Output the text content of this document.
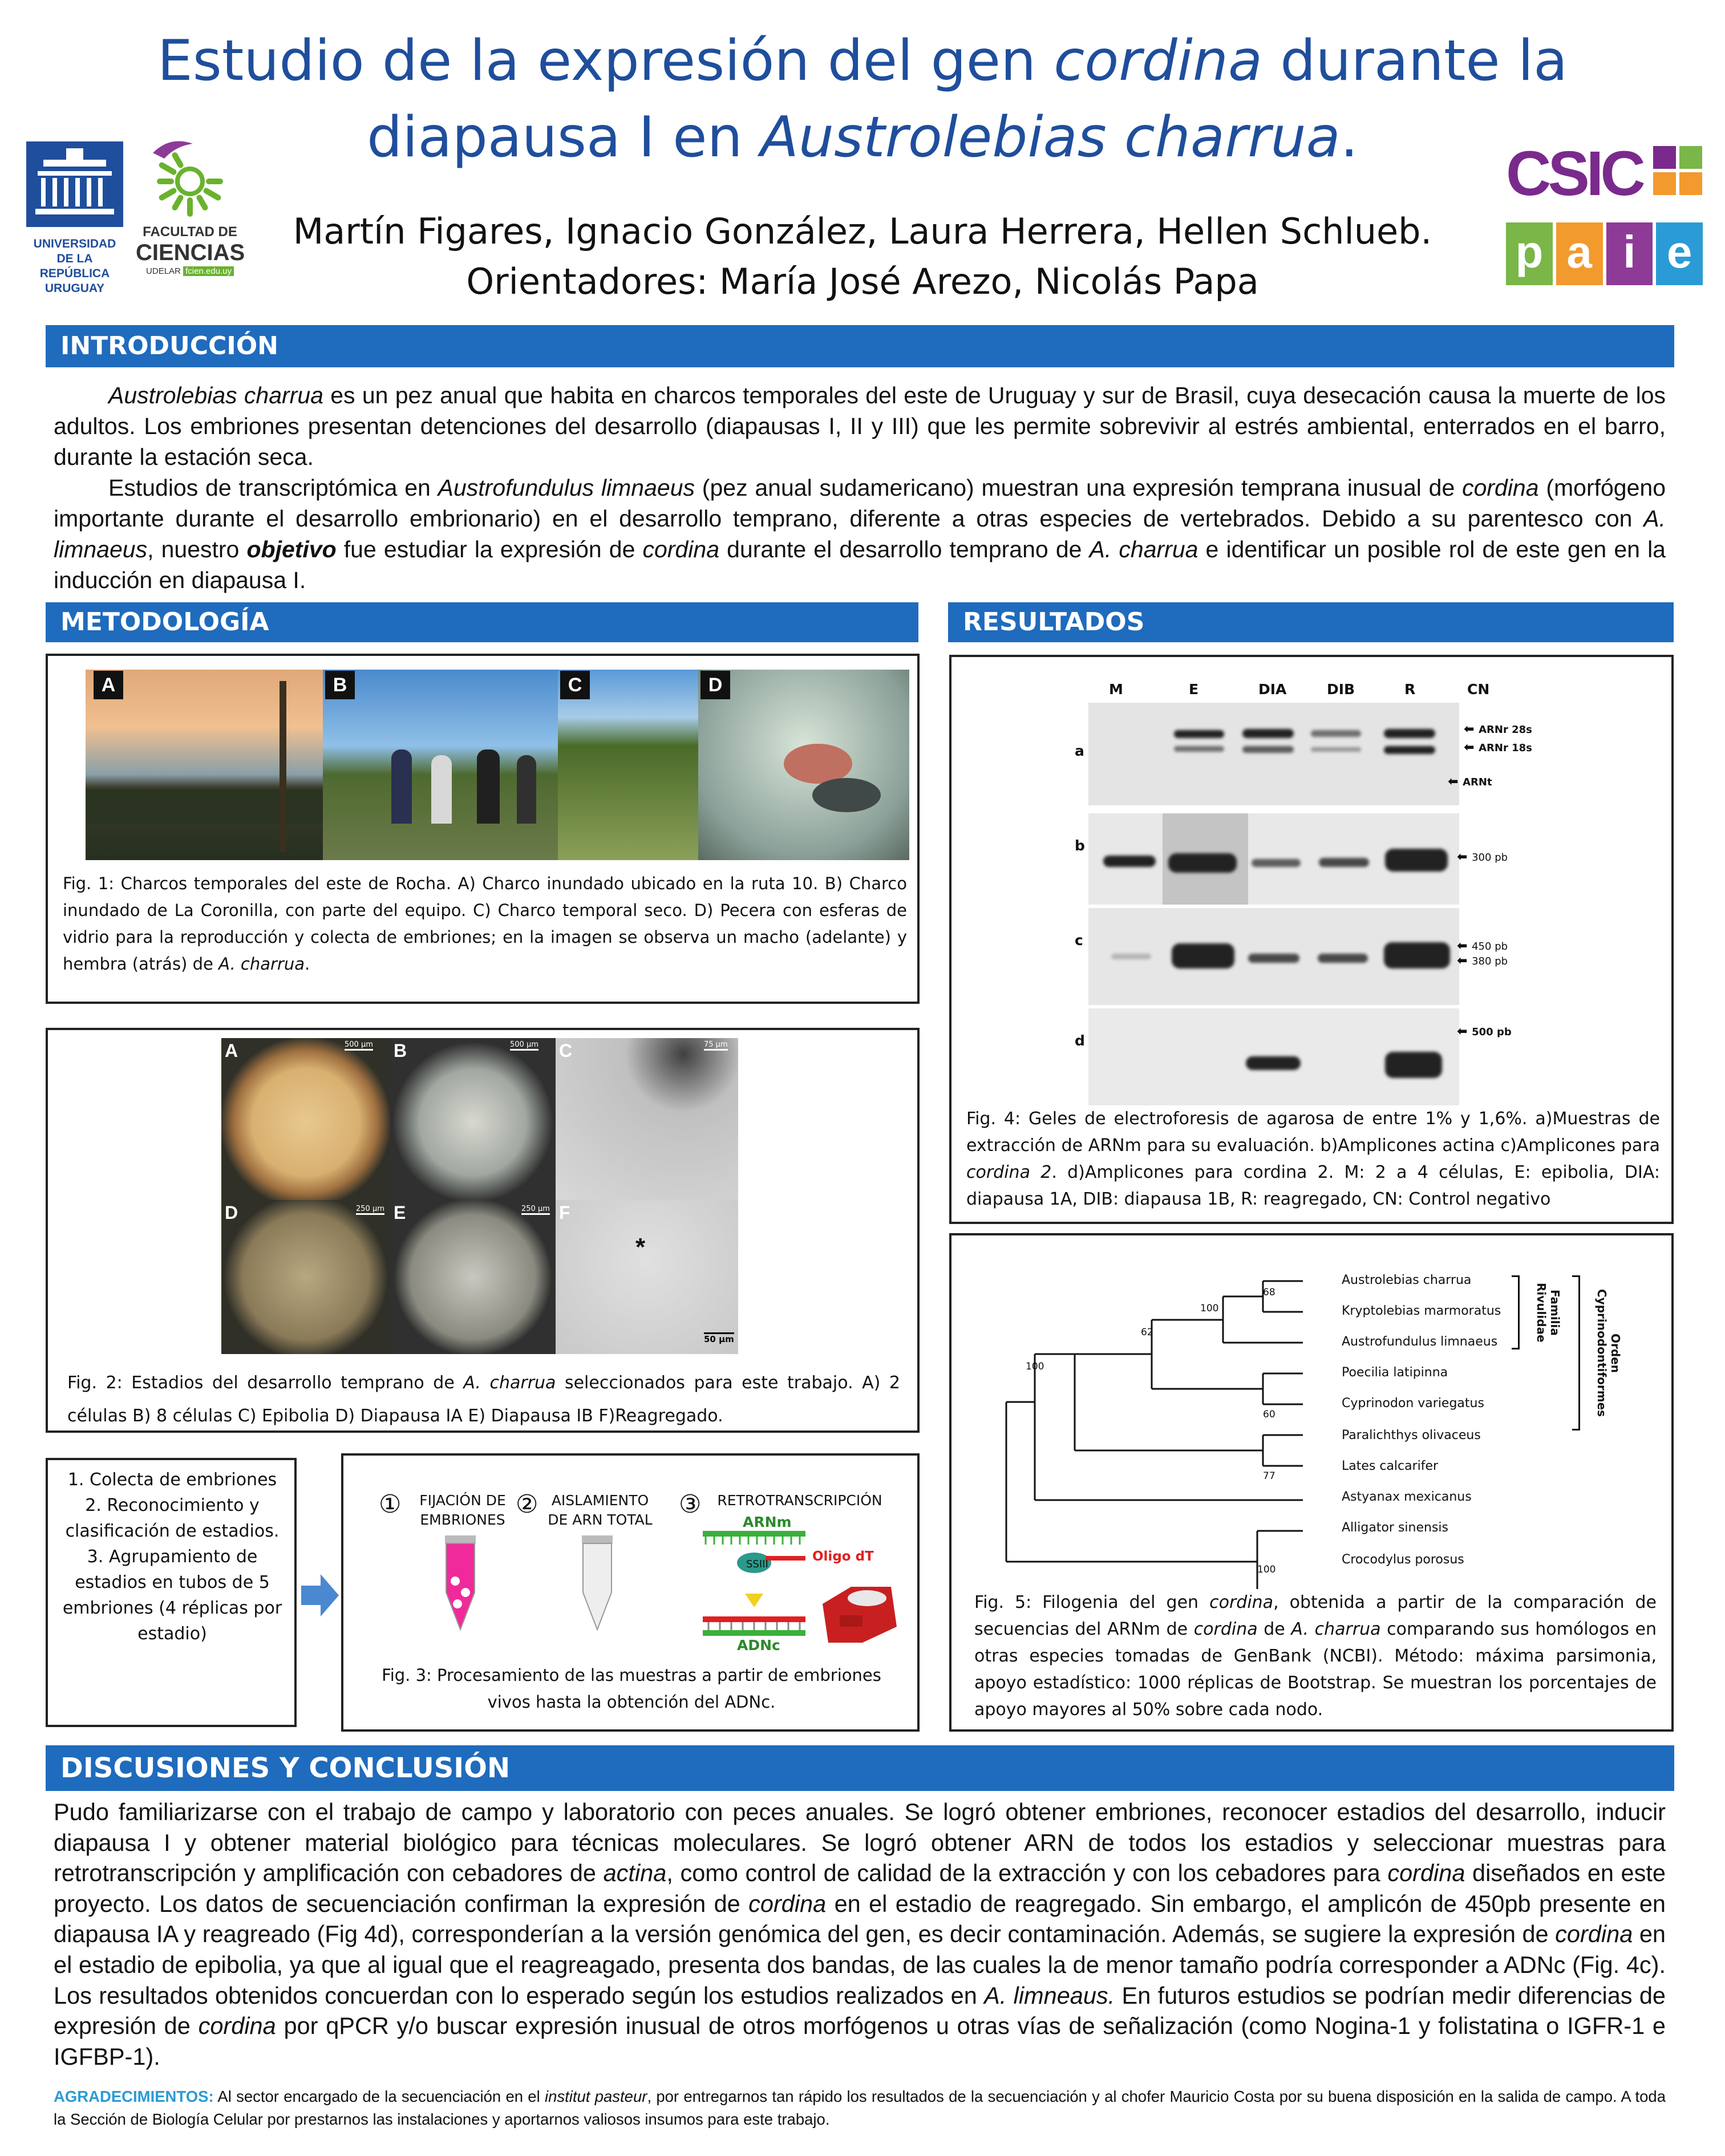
Estudio de la expresión del gen cordina durante la
diapausa I en Austrolebias charrua.
Martín Figares, Ignacio González, Laura Herrera, Hellen Schlueb.
Orientadores: María José Arezo, Nicolás Papa
UNIVERSIDAD
DE LA REPÚBLICA
URUGUAY
FACULTAD DE
CIENCIAS
UDELAR fcien.edu.uy
CSIC
p a i e
INTRODUCCIÓN
Austrolebias charrua es un pez anual que habita en charcos temporales del este de Uruguay y sur de Brasil, cuya desecación causa la muerte de los adultos. Los embriones presentan detenciones del desarrollo (diapausas I, II y III) que les permite sobrevivir al estrés ambiental, enterrados en el barro, durante la estación seca.
Estudios de transcriptómica en Austrofundulus limnaeus (pez anual sudamericano) muestran una expresión temprana inusual de cordina (morfógeno importante durante el desarrollo embrionario) en el desarrollo temprano, diferente a otras especies de vertebrados. Debido a su parentesco con A. limnaeus, nuestro objetivo fue estudiar la expresión de cordina durante el desarrollo temprano de A. charrua e identificar un posible rol de este gen en la inducción en diapausa I.
METODOLOGÍA	RESULTADOS
A	B	C	D
Fig. 1: Charcos temporales del este de Rocha. A) Charco inundado ubicado en la ruta 10. B) Charco inundado de La Coronilla, con parte del equipo. C) Charco temporal seco. D) Pecera con esferas de vidrio para la reproducción y colecta de embriones; en la imagen se observa un macho (adelante) y hembra (atrás) de A. charrua.
A	B	C
D	E	F
500 µm	500 µm	75 µm
250 µm	250 µm
50 µm
*
Fig. 2: Estadios del desarrollo temprano de A. charrua seleccionados para este trabajo. A) 2 células B) 8 células C) Epibolia D) Diapausa IA E) Diapausa IB F)Reagregado.
1. Colecta de embriones
2. Reconocimiento y clasificación de estadios.
3. Agrupamiento de estadios en tubos de 5 embriones (4 réplicas por estadio)
①	FIJACIÓN DE EMBRIONES
② AISLAMIENTO DE ARN TOTAL
③ RETROTRANSCRIPCIÓN
ARNm
SSIII
Oligo dT
ADNc
Fig. 3: Procesamiento de las muestras a partir de embriones vivos hasta la obtención del ADNc.
M	E	DIA	DIB	R	CN
a
b
c
d
⬅ ARNr 28s
⬅ ARNr 18s
⬅ ARNt
⬅ 300 pb
⬅ 450 pb
⬅ 380 pb
⬅ 500 pb
Fig. 4: Geles de electroforesis de agarosa de entre 1% y 1,6%. a)Muestras de extracción de ARNm para su evaluación. b)Amplicones actina c)Amplicones para cordina 2. d)Amplicones para cordina 2. M: 2 a 4 células, E: epibolia, DIA: diapausa 1A, DIB: diapausa 1B, R: reagregado, CN: Control negativo
Austrolebias charrua
Kryptolebias marmoratus
Austrofundulus limnaeus
Poecilia latipinna
Cyprinodon variegatus
Paralichthys olivaceus
Lates calcarifer
Astyanax mexicanus
Alligator sinensis
Crocodylus porosus
68
100
62
100
60
77
100
Familia Rivulidae
Orden Cyprinodontiformes
Fig. 5: Filogenia del gen cordina, obtenida a partir de la comparación de secuencias del ARNm de cordina de A. charrua comparando sus homólogos en otras especies tomadas de GenBank (NCBI). Método: máxima parsimonia, apoyo estadístico: 1000 réplicas de Bootstrap. Se muestran los porcentajes de apoyo mayores al 50% sobre cada nodo.
DISCUSIONES Y CONCLUSIÓN
Pudo familiarizarse con el trabajo de campo y laboratorio con peces anuales. Se logró obtener embriones, reconocer estadios del desarrollo, inducir diapausa I y obtener material biológico para técnicas moleculares. Se logró obtener ARN de todos los estadios y seleccionar muestras para retrotranscripción y amplificación con cebadores de actina, como control de calidad de la extracción y con los cebadores para cordina diseñados en este proyecto. Los datos de secuenciación confirman la expresión de cordina en el estadio de reagregado. Sin embargo, el amplicón de 450pb presente en diapausa IA y reagreado (Fig 4d), corresponderían a la versión genómica del gen, es decir contaminación. Además, se sugiere la expresión de cordina en el estadio de epibolia, ya que al igual que el reagreagado, presenta dos bandas, de las cuales la de menor tamaño podría corresponder a ADNc (Fig. 4c). Los resultados obtenidos concuerdan con lo esperado según los estudios realizados en A. limneaus. En futuros estudios se podrían medir diferencias de expresión de cordina por qPCR y/o buscar expresión inusual de otros morfógenos u otras vías de señalización (como Nogina-1 y folistatina o IGFR-1 e IGFBP-1).
AGRADECIMIENTOS: Al sector encargado de la secuenciación en el institut pasteur, por entregarnos tan rápido los resultados de la secuenciación y al chofer Mauricio Costa por su buena disposición en la salida de campo. A toda la Sección de Biología Celular por prestarnos las instalaciones y aportarnos valiosos insumos para este trabajo.
